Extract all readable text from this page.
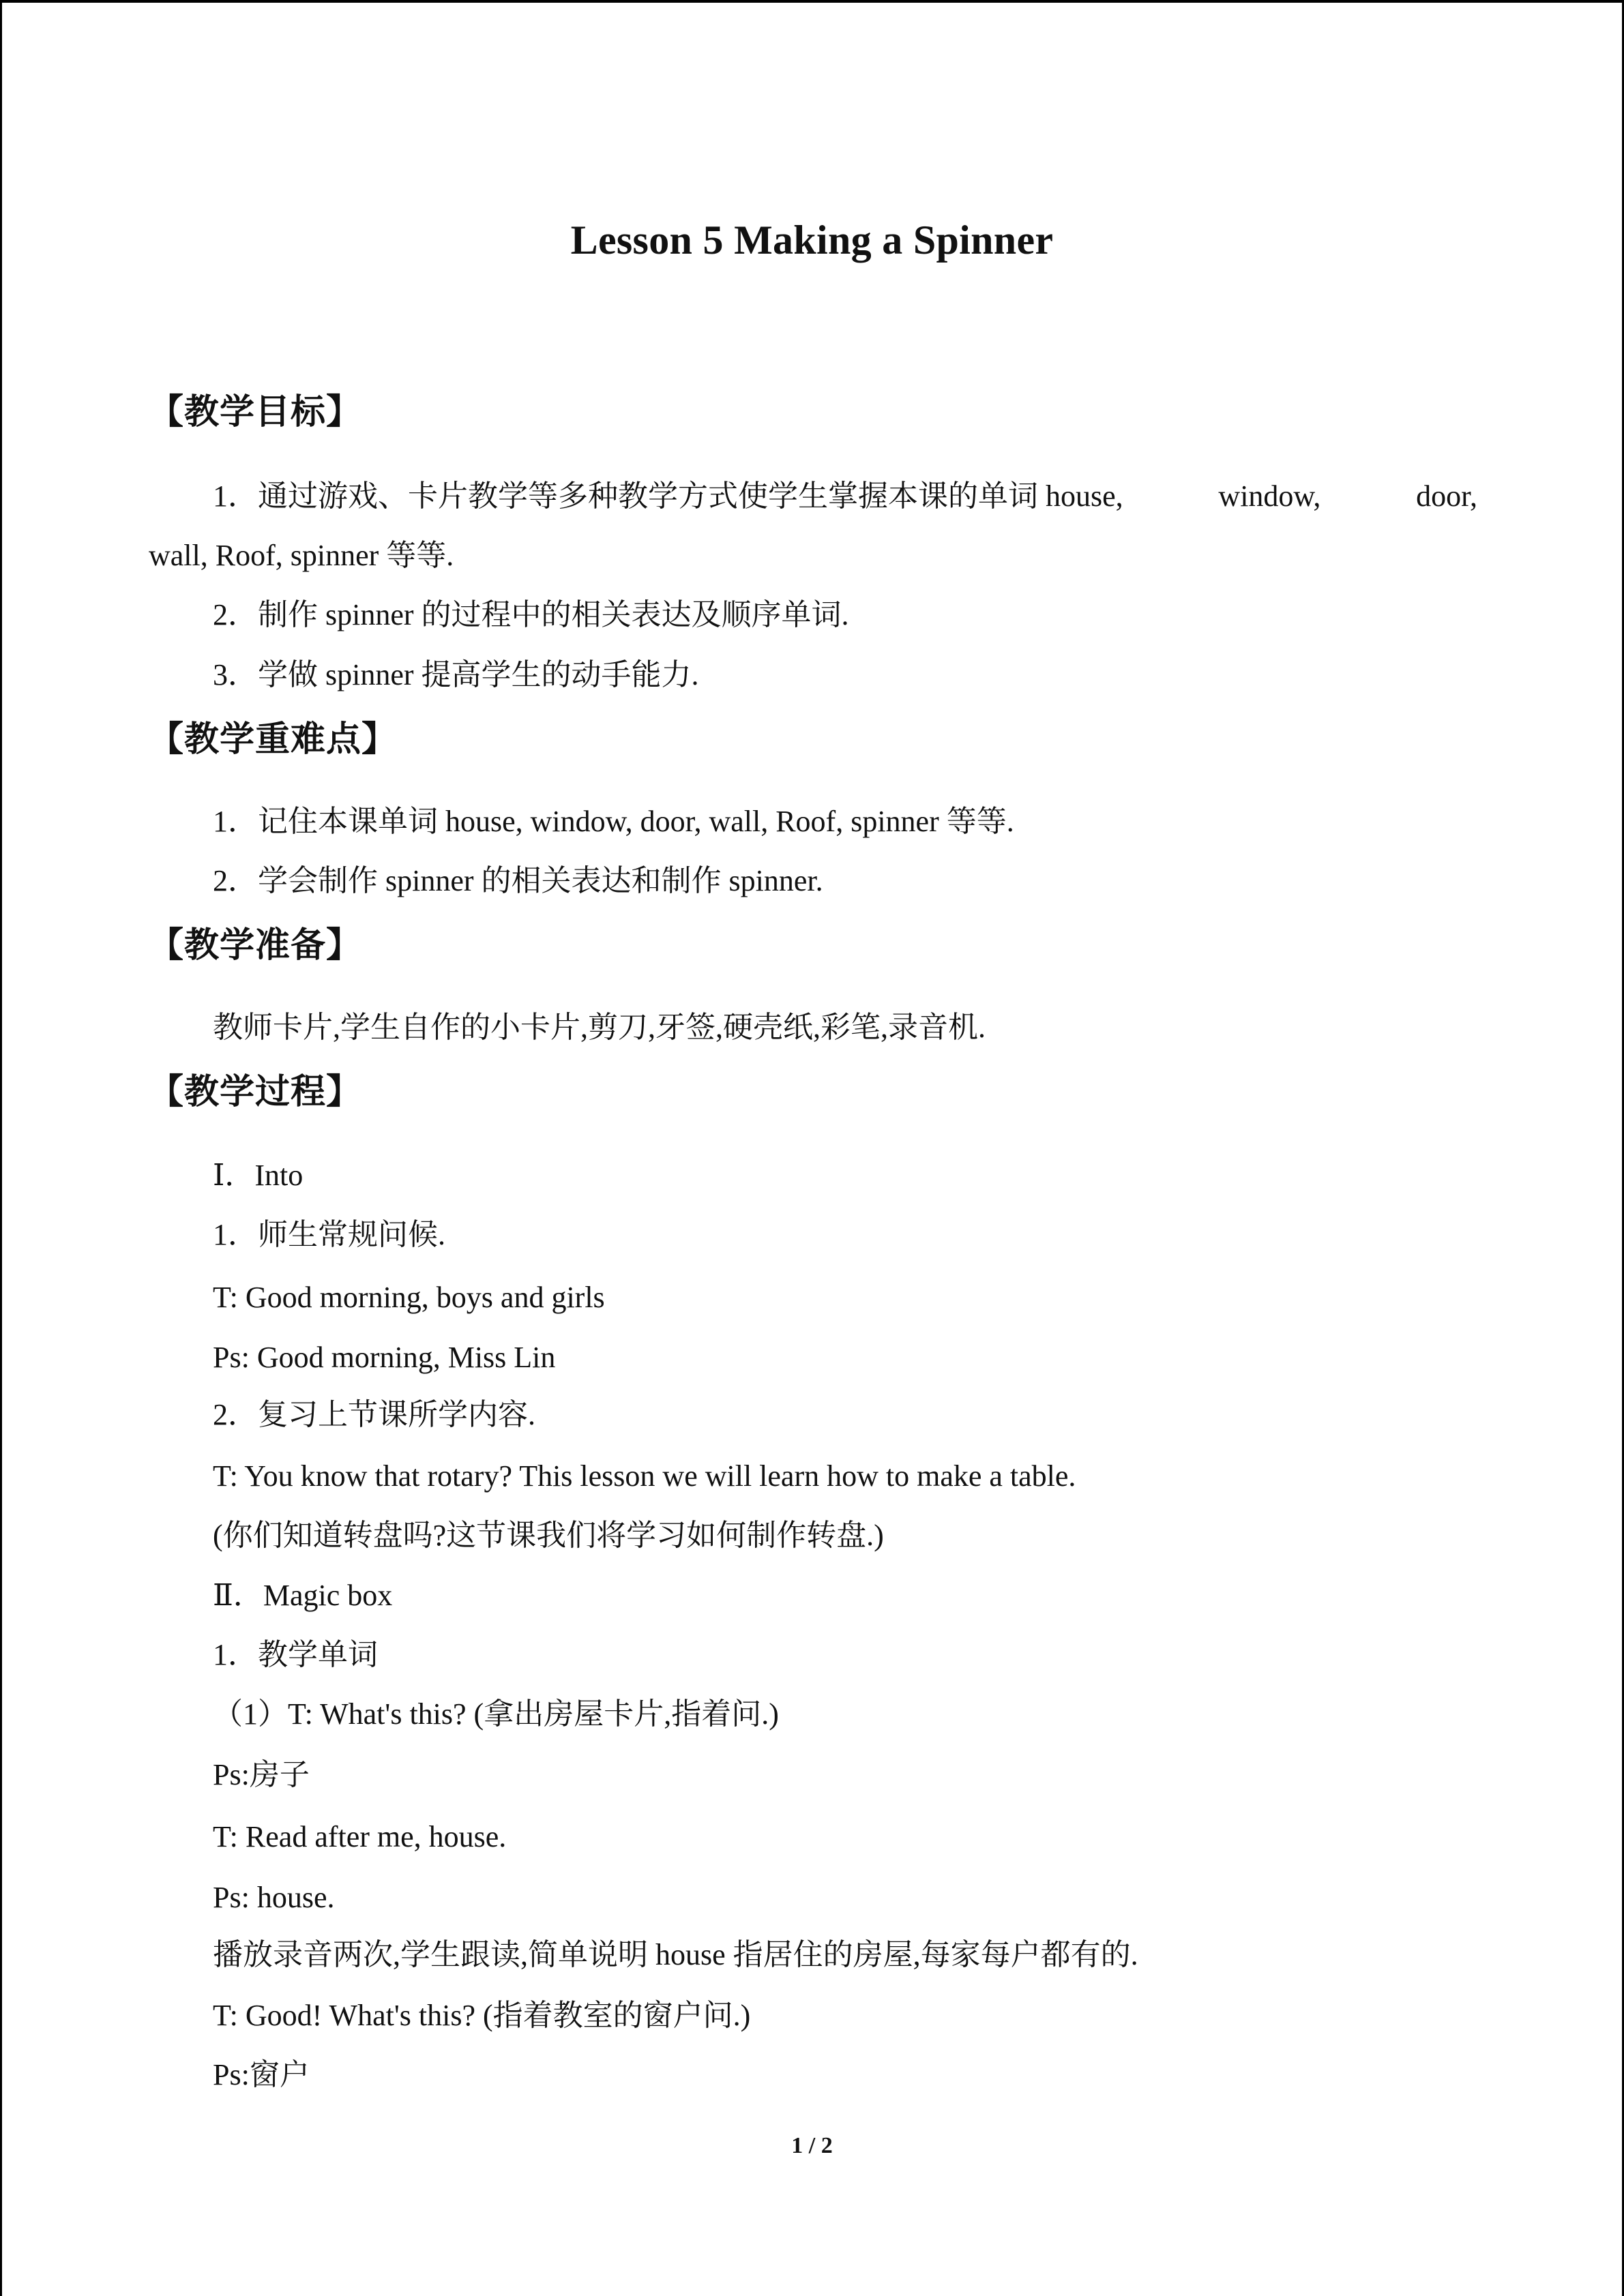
Lesson 5 Making a Spinner
【教学目标】
1．通过游戏、卡片教学等多种教学方式使学生掌握本课的单词 house,	window,	door,
wall, Roof, spinner 等等.
2．制作 spinner 的过程中的相关表达及顺序单词.
3．学做 spinner 提高学生的动手能力.
【教学重难点】
1．记住本课单词 house, window, door, wall, Roof, spinner 等等.
2．学会制作 spinner 的相关表达和制作 spinner.
【教学准备】
教师卡片,学生自作的小卡片,剪刀,牙签,硬壳纸,彩笔,录音机.
【教学过程】
Ⅰ．Into
1．师生常规问候.
T: Good morning, boys and girls
Ps: Good morning, Miss Lin
2．复习上节课所学内容.
T: You know that rotary? This lesson we will learn how to make a table.
(你们知道转盘吗?这节课我们将学习如何制作转盘.)
Ⅱ．Magic box
1．教学单词
（1）T: What's this? (拿出房屋卡片,指着问.)
Ps:房子
T: Read after me, house.
Ps: house.
播放录音两次,学生跟读,简单说明 house 指居住的房屋,每家每户都有的.
T: Good! What's this? (指着教室的窗户问.)
Ps:窗户
1 / 2
